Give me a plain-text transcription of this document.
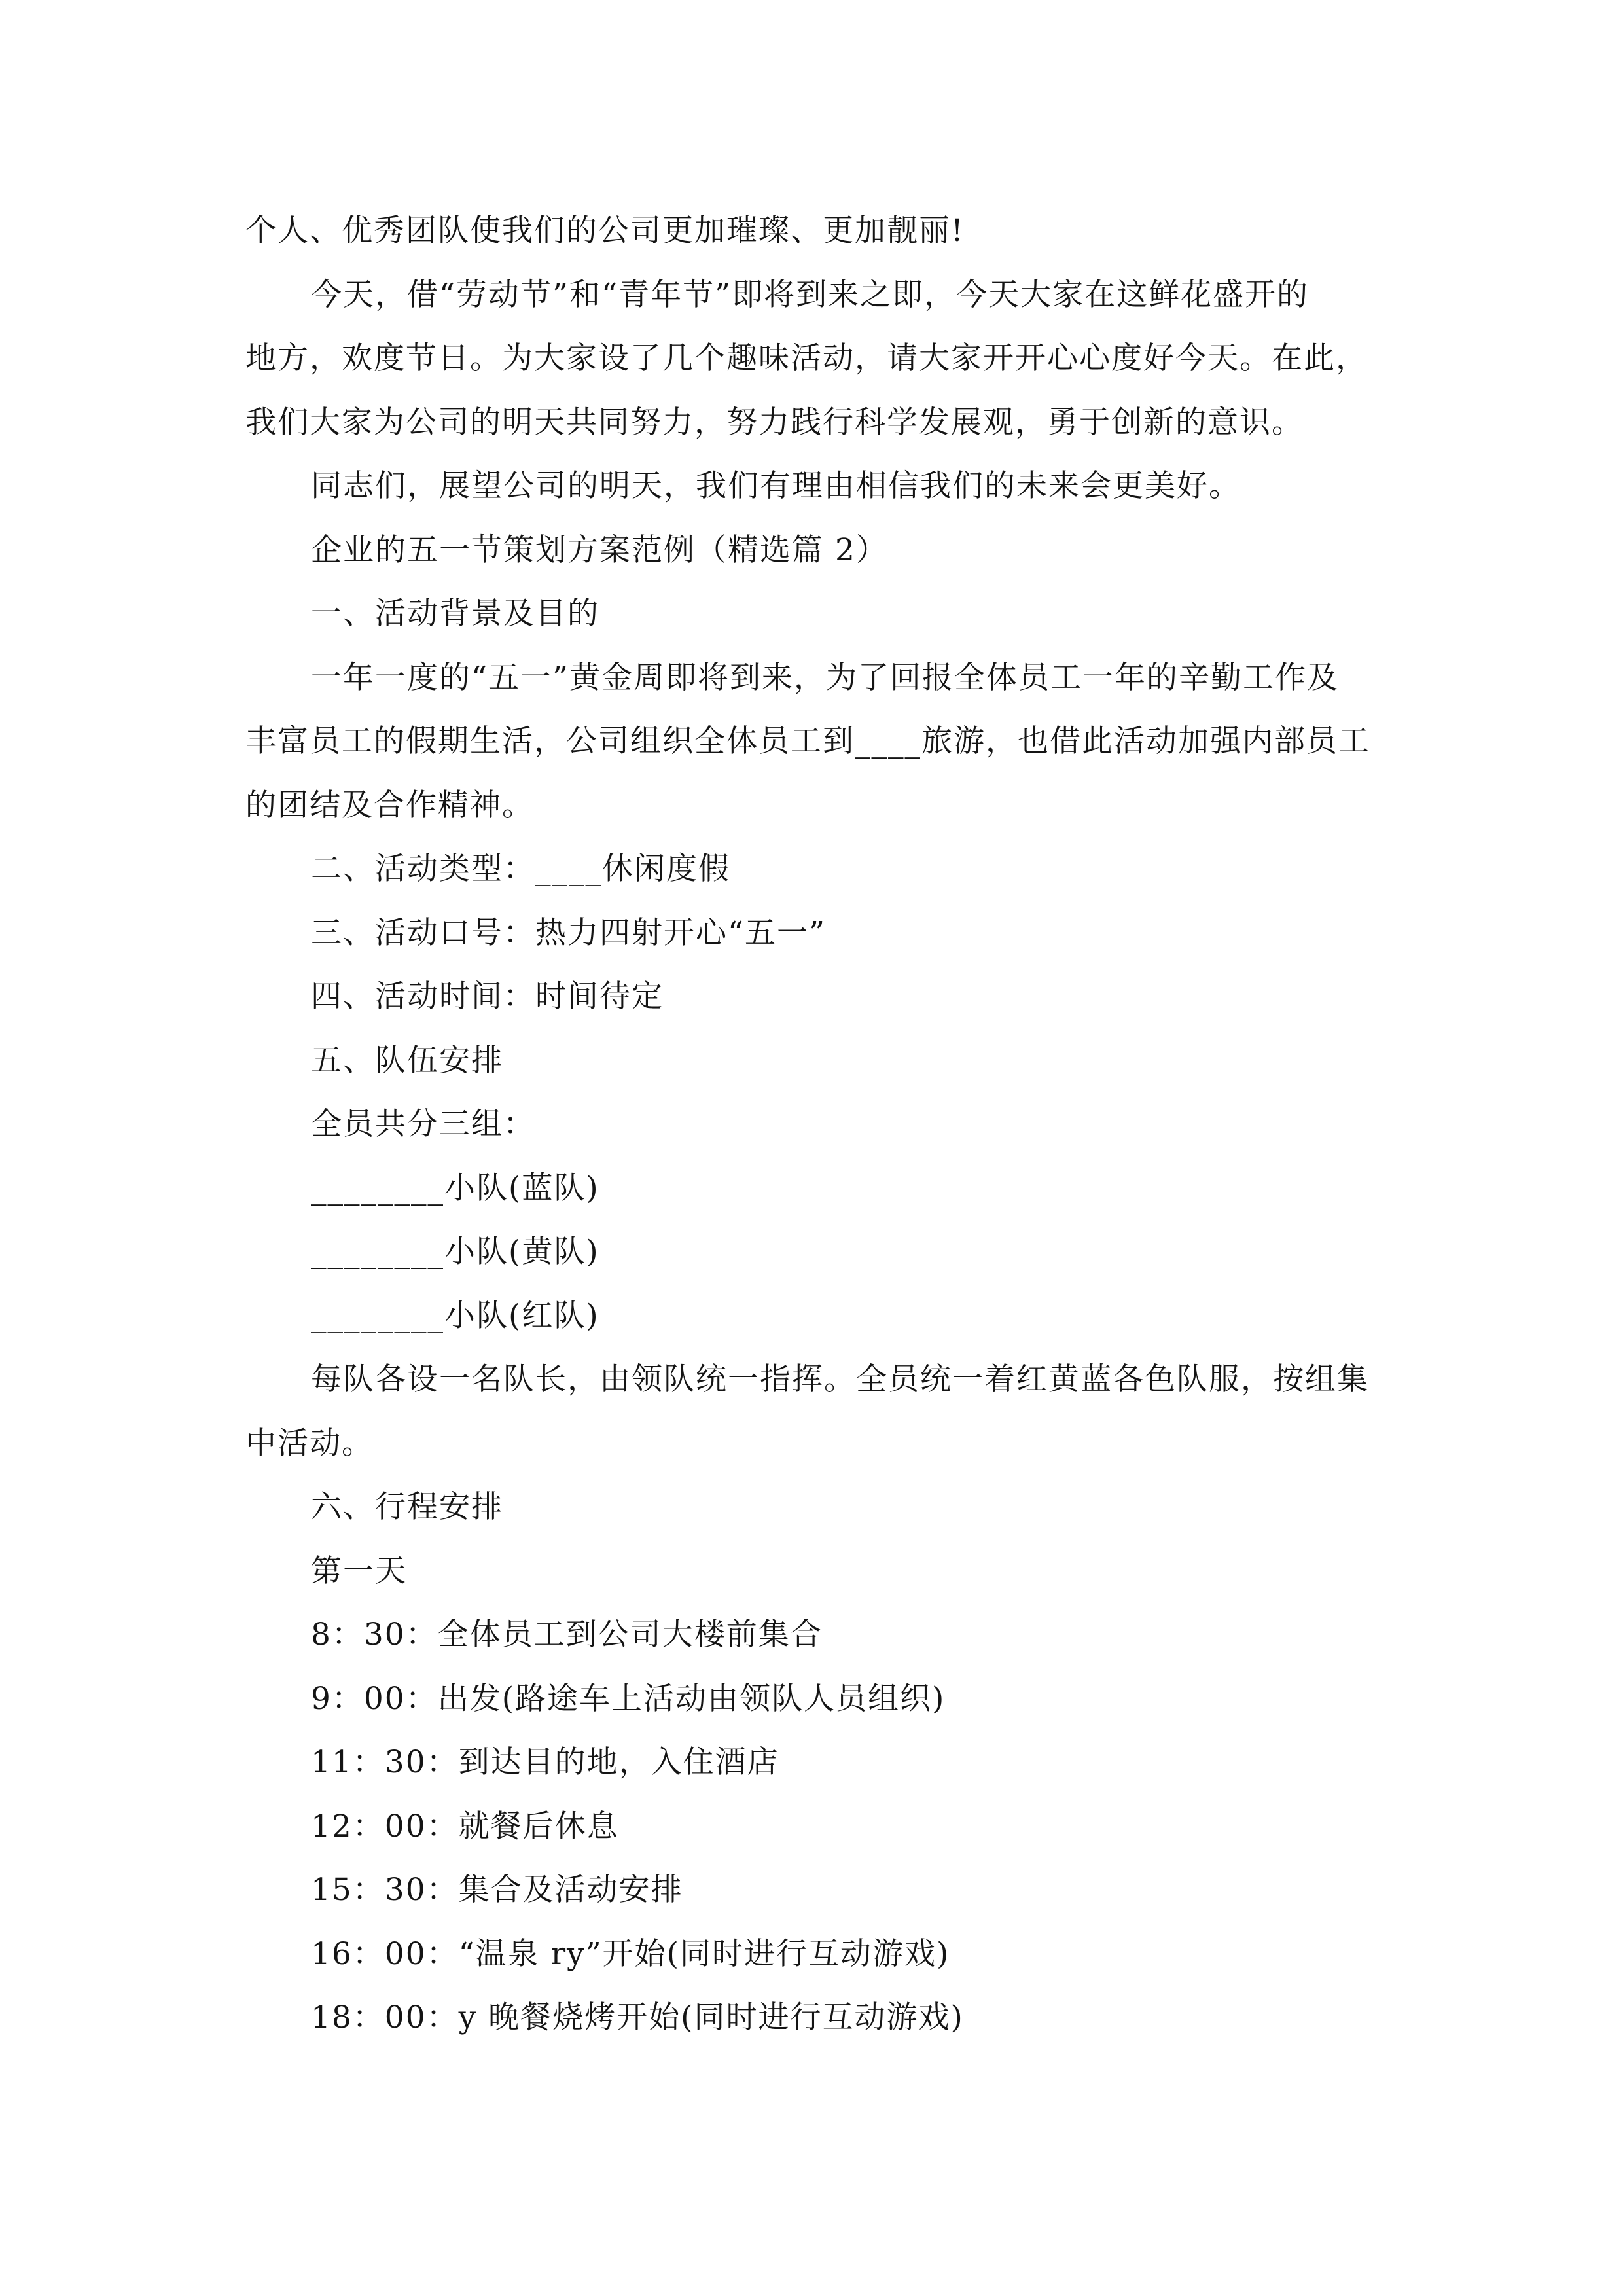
个人、优秀团队使我们的公司更加璀璨、更加靓丽!
今天，借“劳动节”和“青年节”即将到来之即，今天大家在这鲜花盛开的
地方，欢度节日。为大家设了几个趣味活动，请大家开开心心度好今天。在此，
我们大家为公司的明天共同努力，努力践行科学发展观，勇于创新的意识。
同志们，展望公司的明天，我们有理由相信我们的未来会更美好。
企业的五一节策划方案范例（精选篇 2）
一、活动背景及目的
一年一度的“五一”黄金周即将到来，为了回报全体员工一年的辛勤工作及
丰富员工的假期生活，公司组织全体员工到____旅游，也借此活动加强内部员工
的团结及合作精神。
二、活动类型：____休闲度假
三、活动口号：热力四射开心“五一”
四、活动时间：时间待定
五、队伍安排
全员共分三组：
________小队(蓝队)
________小队(黄队)
________小队(红队)
每队各设一名队长，由领队统一指挥。全员统一着红黄蓝各色队服，按组集
中活动。
六、行程安排
第一天
8：30：全体员工到公司大楼前集合
9：00：出发(路途车上活动由领队人员组织)
11：30：到达目的地，入住酒店
12：00：就餐后休息
15：30：集合及活动安排
16：00：“温泉 ry”开始(同时进行互动游戏)
18：00：y 晚餐烧烤开始(同时进行互动游戏)
